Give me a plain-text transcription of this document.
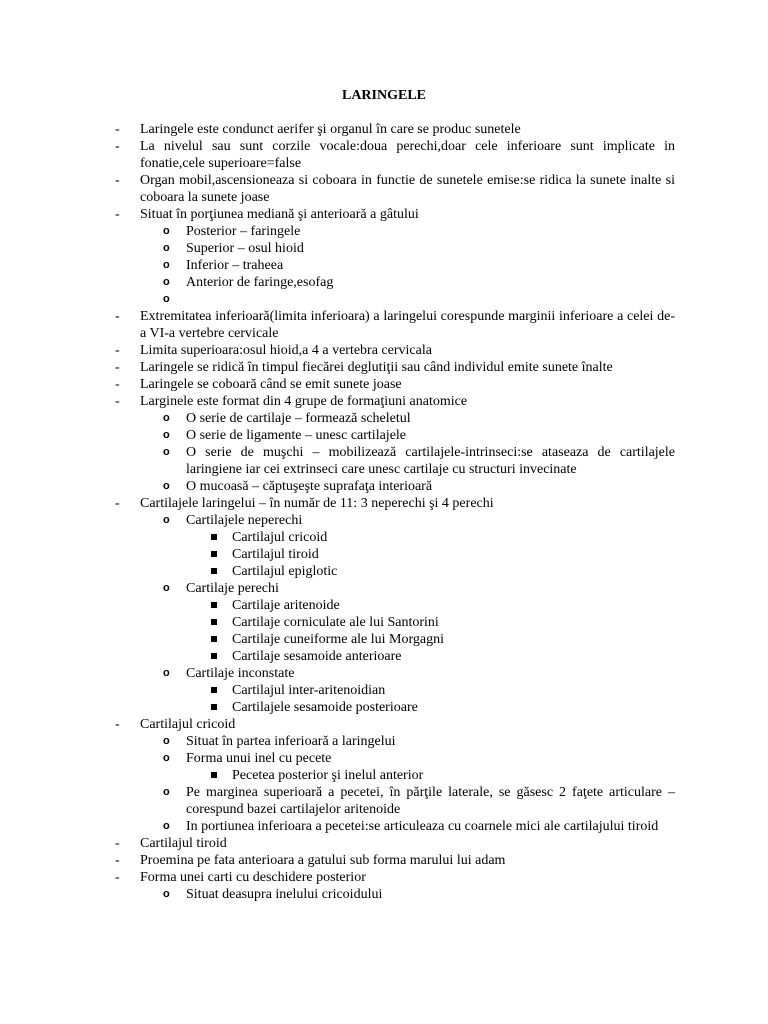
LARINGELE
-	Laringele este condunct aerifer şi organul în care se produc sunetele
-	La nivelul sau sunt corzile vocale:doua perechi,doar cele inferioare sunt implicate in fonatie,cele superioare=false
-	Organ mobil,ascensioneaza si coboara in functie de sunetele emise:se ridica la sunete inalte si coboara la sunete joase
-	Situat în porţiunea mediană şi anterioară a gâtului
o Posterior – faringele
o Superior – osul hioid
o Inferior – traheea
o Anterior de faringe,esofag
o
-	Extremitatea inferioară(limita inferioara) a laringelui corespunde marginii inferioare a celei de-a VI-a vertebre cervicale
-	Limita superioara:osul hioid,a 4 a vertebra cervicala
-	Laringele se ridică în timpul fiecărei deglutiţii sau când individul emite sunete înalte
-	Laringele se coboară când se emit sunete joase
-	Larginele este format din 4 grupe de formaţiuni anatomice
o O serie de cartilaje – formează scheletul
o O serie de ligamente – unesc cartilajele
o O serie de muşchi – mobilizează cartilajele-intrinseci:se ataseaza de cartilajele laringiene iar cei extrinseci care unesc cartilaje cu structuri invecinate
o O mucoasă – căptuşeşte suprafaţa interioară
-	Cartilajele laringelui – în număr de 11: 3 neperechi şi 4 perechi
o Cartilajele neperechi
Cartilajul cricoid
Cartilajul tiroid
Cartilajul epiglotic
o Cartilaje perechi
Cartilaje aritenoide
Cartilaje corniculate ale lui Santorini
Cartilaje cuneiforme ale lui Morgagni
Cartilaje sesamoide anterioare
o Cartilaje inconstate
Cartilajul inter-aritenoidian
Cartilajele sesamoide posterioare
-	Cartilajul cricoid
o Situat în partea inferioară a laringelui
o Forma unui inel cu pecete
Pecetea posterior şi inelul anterior
o Pe marginea superioară a pecetei, în părţile laterale, se găsesc 2 faţete articulare – corespund bazei cartilajelor aritenoide
o In portiunea inferioara a pecetei:se articuleaza cu coarnele mici ale cartilajului tiroid
-	Cartilajul tiroid
-	Proemina pe fata anterioara a gatului sub forma marului lui adam
-	Forma unei carti cu deschidere posterior
o Situat deasupra inelului cricoidului
